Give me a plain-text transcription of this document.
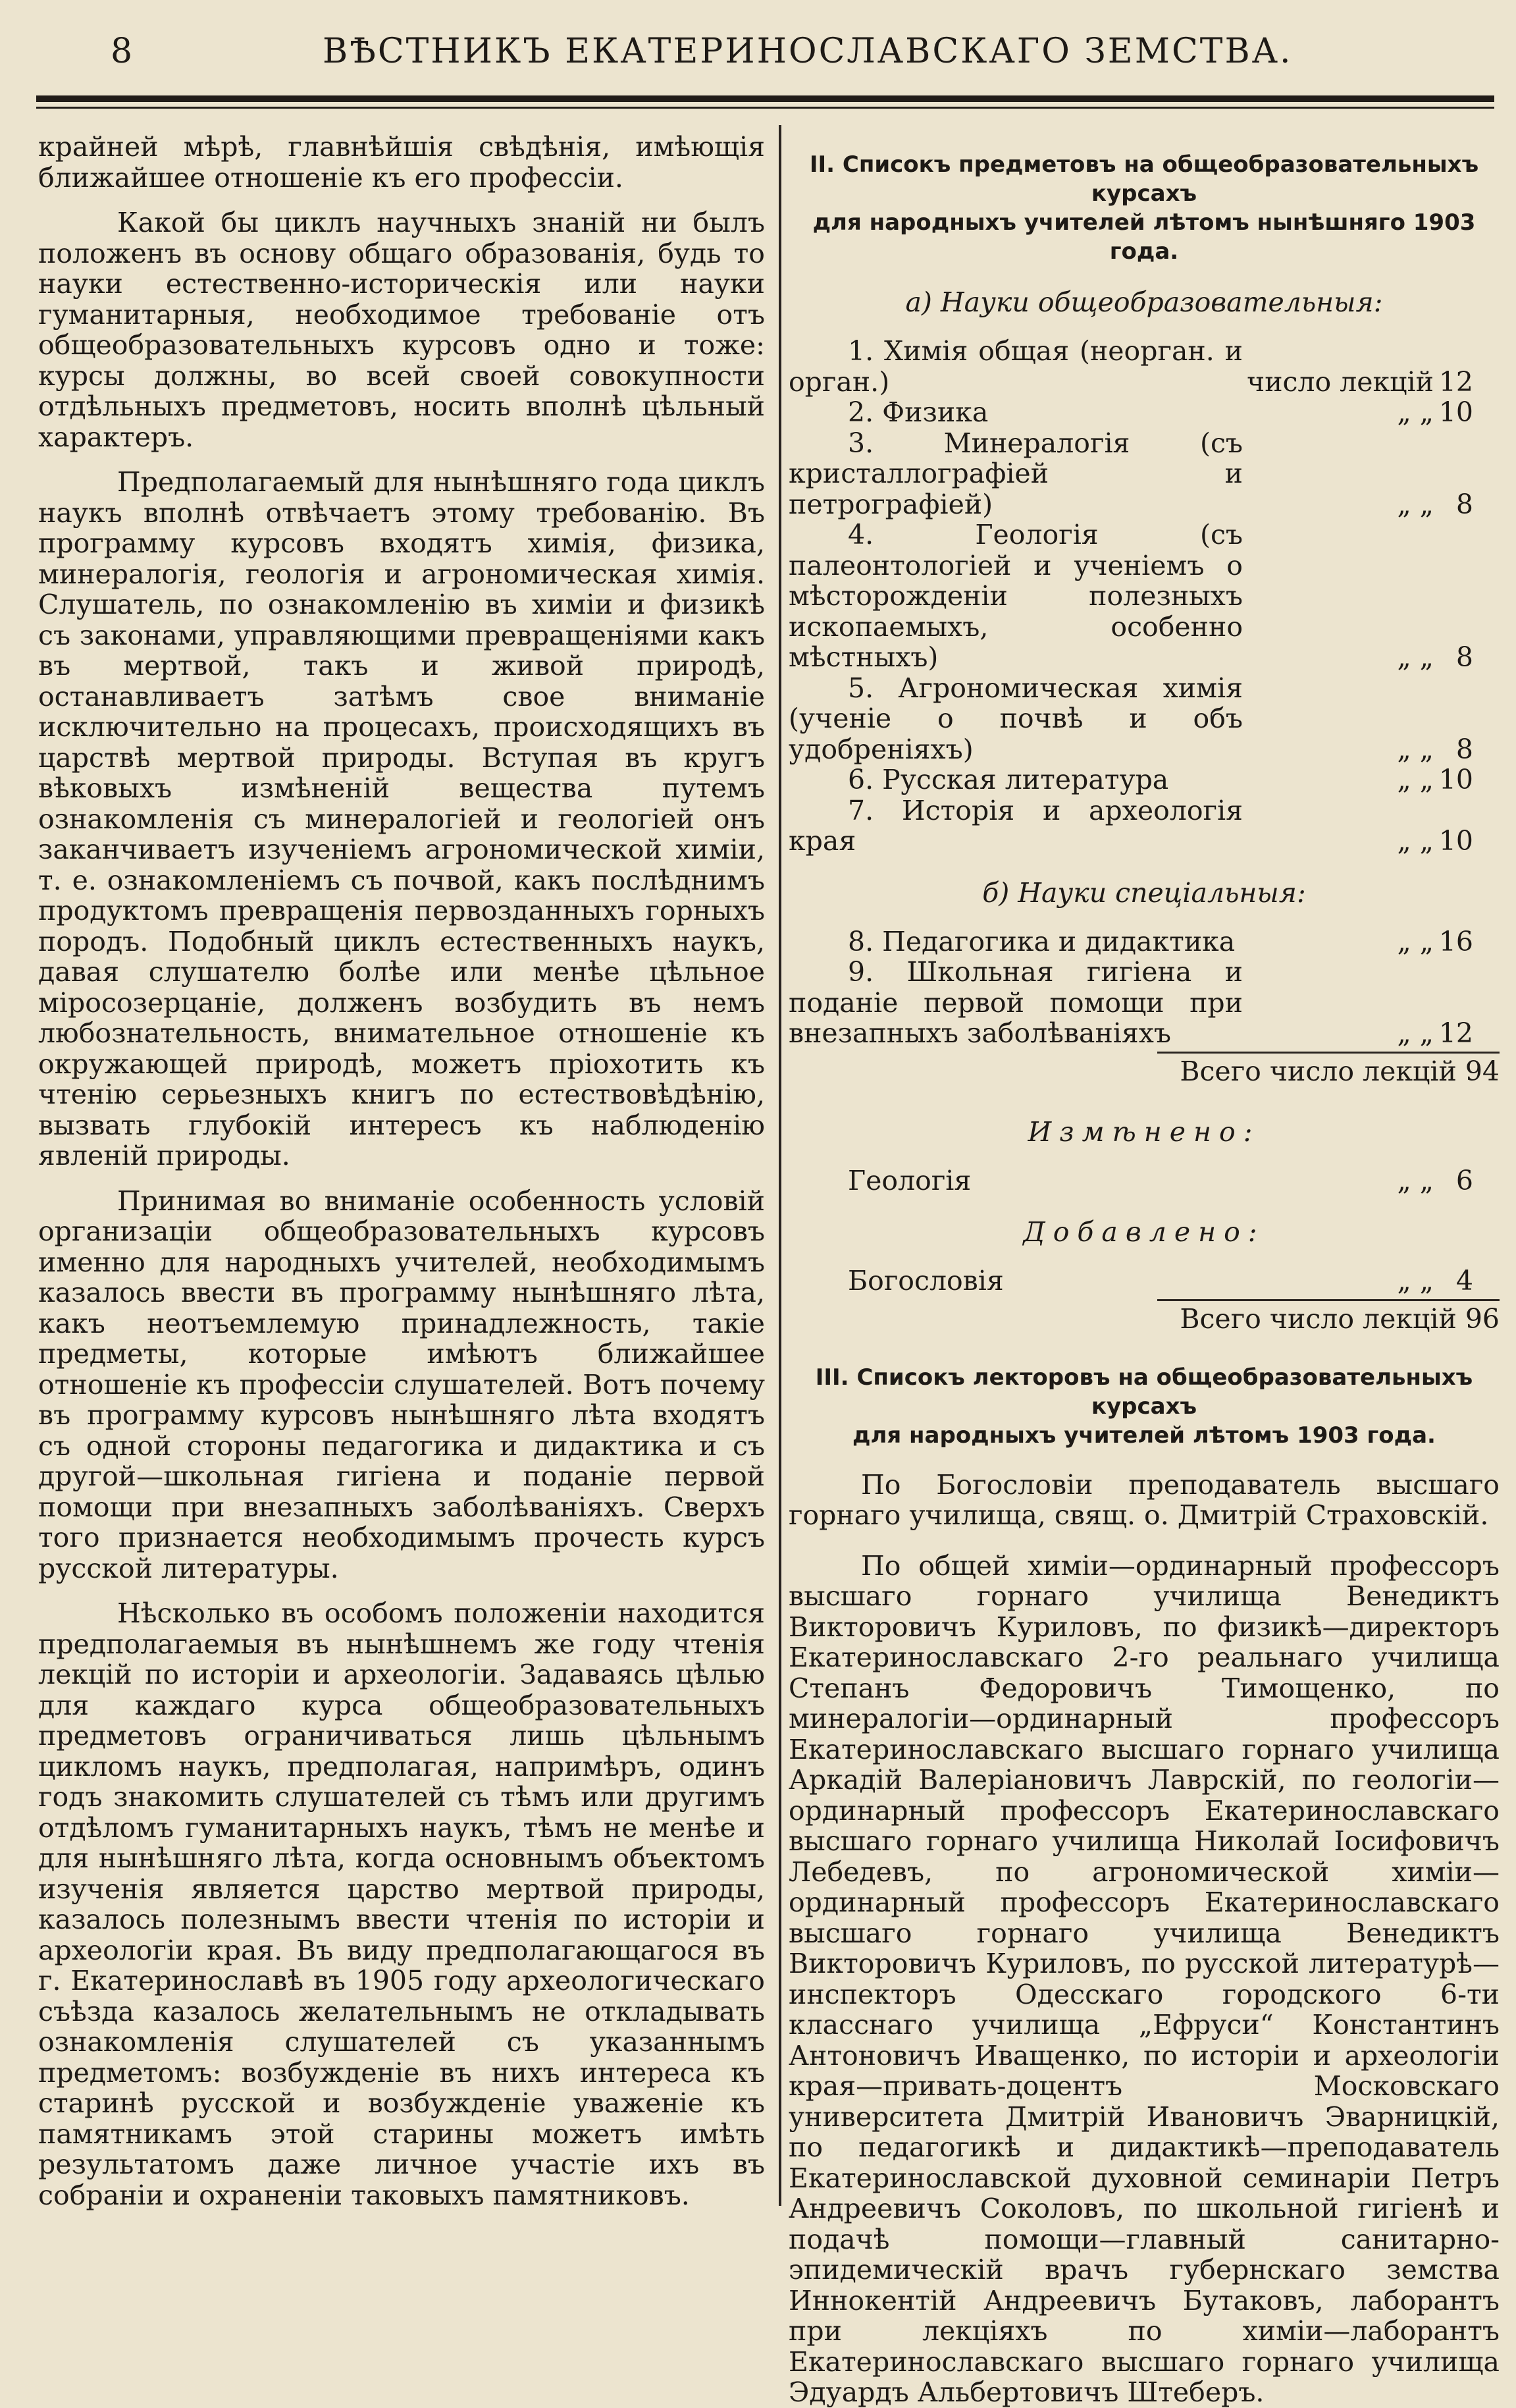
8	ВѢСТНИКЪ ЕКАТЕРИНОСЛАВСКАГО ЗЕМСТВА.

крайней мѣрѣ, главнѣйшія свѣдѣнія, имѣющія ближайшее отношеніе къ его профессіи.

Какой бы циклъ научныхъ знаній ни былъ положенъ въ основу общаго образованія, будь то науки естественно-историческія или науки гуманитарныя, необходимое требованіе отъ общеобразовательныхъ курсовъ одно и тоже: курсы должны, во всей своей совокупности отдѣльныхъ предметовъ, носить вполнѣ цѣльный характеръ.

Предполагаемый для нынѣшняго года циклъ наукъ вполнѣ отвѣчаетъ этому требованію. Въ программу курсовъ входятъ химія, физика, минералогія, геологія и агрономическая химія. Слушатель, по ознакомленію въ химіи и физикѣ съ законами, управляющими превращеніями какъ въ мертвой, такъ и живой природѣ, останавливаетъ затѣмъ свое вниманіе исключительно на процесахъ, происходящихъ въ царствѣ мертвой природы. Вступая въ кругъ вѣковыхъ измѣненій вещества путемъ ознакомленія съ минералогіей и геологіей онъ заканчиваетъ изученіемъ агрономической химіи, т. е. ознакомленіемъ съ почвой, какъ послѣднимъ продуктомъ превращенія первозданныхъ горныхъ породъ. Подобный циклъ естественныхъ наукъ, давая слушателю болѣе или менѣе цѣльное міросозерцаніе, долженъ возбудить въ немъ любознательность, внимательное отношеніе къ окружающей природѣ, можетъ пріохотить къ чтенію серьезныхъ книгъ по естествовѣдѣнію, вызвать глубокій интересъ къ наблюденію явленій природы.

Принимая во вниманіе особенность условій организаціи общеобразовательныхъ курсовъ именно для народныхъ учителей, необходимымъ казалось ввести въ программу нынѣшняго лѣта, какъ неотъемлемую принадлежность, такіе предметы, которые имѣютъ ближайшее отношеніе къ профессіи слушателей. Вотъ почему въ программу курсовъ нынѣшняго лѣта входятъ съ одной стороны педагогика и дидактика и съ другой—школьная гигіена и поданіе первой помощи при внезапныхъ заболѣваніяхъ. Сверхъ того признается необходимымъ прочесть курсъ русской литературы.

Нѣсколько въ особомъ положеніи находится предполагаемыя въ нынѣшнемъ же году чтенія лекцій по исторіи и археологіи. Задаваясь цѣлью для каждаго курса общеобразовательныхъ предметовъ ограничиваться лишь цѣльнымъ цикломъ наукъ, предполагая, напримѣръ, одинъ годъ знакомить слушателей съ тѣмъ или другимъ отдѣломъ гуманитарныхъ наукъ, тѣмъ не менѣе и для нынѣшняго лѣта, когда основнымъ объектомъ изученія является царство мертвой природы, казалось полезнымъ ввести чтенія по исторіи и археологіи края. Въ виду предполагающагося въ г. Екатеринославѣ въ 1905 году археологическаго съѣзда казалось желательнымъ не откладывать ознакомленія слушателей съ указаннымъ предметомъ: возбужденіе въ нихъ интереса къ старинѣ русской и возбужденіе уваженіе къ памятникамъ этой старины можетъ имѣть результатомъ даже личное участіе ихъ въ собраніи и охраненіи таковыхъ памятниковъ.

II. Списокъ предметовъ на общеобразовательныхъ курсахъ
для народныхъ учителей лѣтомъ нынѣшняго 1903 года.
а) Науки общеобразовательныя:
1. Химія общая (неорган. и орган.)	число лекцій 12
2. Физика	„ „ 10
3. Минералогія (съ кристаллографіей и петрографіей)	„ „ 8
4. Геологія (съ палеонтологіей и ученіемъ о мѣсторожденіи полезныхъ ископаемыхъ, особенно мѣстныхъ)	„ „ 8
5. Агрономическая химія (ученіе о почвѣ и объ удобреніяхъ)	„ „ 8
6. Русская литература	„ „ 10
7. Исторія и археологія края	„ „ 10
б) Науки спеціальныя:
8. Педагогика и дидактика	„ „ 16
9. Школьная гигіена и поданіе первой помощи при внезапныхъ заболѣваніяхъ	„ „ 12
Всего число лекцій 94
Измѣнено:
Геологія	„ „ 6
Добавлено:
Богословія	„ „ 4
Всего число лекцій 96
III. Списокъ лекторовъ на общеобразовательныхъ курсахъ
для народныхъ учителей лѣтомъ 1903 года.

По Богословіи преподаватель высшаго горнаго училища, свящ. о. Дмитрій Страховскій.

По общей химіи—ординарный профессоръ высшаго горнаго училища Венедиктъ Викторовичъ Куриловъ, по физикѣ—директоръ Екатеринославскаго 2-го реальнаго училища Степанъ Федоровичъ Тимощенко, по минералогіи—ординарный профессоръ Екатеринославскаго высшаго горнаго училища Аркадій Валеріановичъ Лаврскій, по геологіи—ординарный профессоръ Екатеринославскаго высшаго горнаго училища Николай Іосифовичъ Лебедевъ, по агрономической химіи—ординарный профессоръ Екатеринославскаго высшаго горнаго училища Венедиктъ Викторовичъ Куриловъ, по русской литературѣ—инспекторъ Одесскаго городского 6-ти класснаго училища „Ефруси“ Константинъ Антоновичъ Иващенко, по исторіи и археологіи края—привать-доцентъ Московскаго университета Дмитрій Ивановичъ Эварницкій, по педагогикѣ и дидактикѣ—преподаватель Екатеринославской духовной семинаріи Петръ Андреевичъ Соколовъ, по школьной гигіенѣ и подачѣ помощи—главный санитарно-эпидемическій врачъ губернскаго земства Иннокентій Андреевичъ Бутаковъ, лаборантъ при лекціяхъ по химіи—лаборантъ Екатеринославскаго высшаго горнаго училища Эдуардъ Альбертовичъ Штеберъ.
